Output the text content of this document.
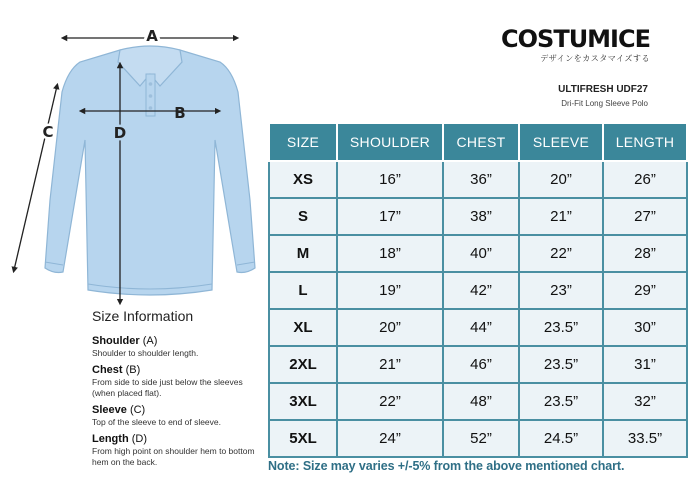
COSTUMICE
デザインをカスタマイズする
ULTIFRESH UDF27
Dri-Fit Long Sleeve Polo
A
B
C	D
Size Information
Shoulder (A)
Shoulder to shoulder length.
Chest (B)
From side to side just below the sleeves (when placed flat).
Sleeve (C)
Top of the sleeve to end of sleeve.
Length (D)
From high point on shoulder hem to bottom hem on the back.
SIZE	SHOULDER	CHEST	SLEEVE	LENGTH
XS	16”	36”	20”	26”
S	17”	38”	21”	27”
M	18”	40”	22”	28”
L	19”	42”	23”	29”
XL	20”	44”	23.5”	30”
2XL	21”	46”	23.5”	31”
3XL	22”	48”	23.5”	32”
5XL	24”	52”	24.5”	33.5”
Note: Size may varies +/-5% from the above mentioned chart.
